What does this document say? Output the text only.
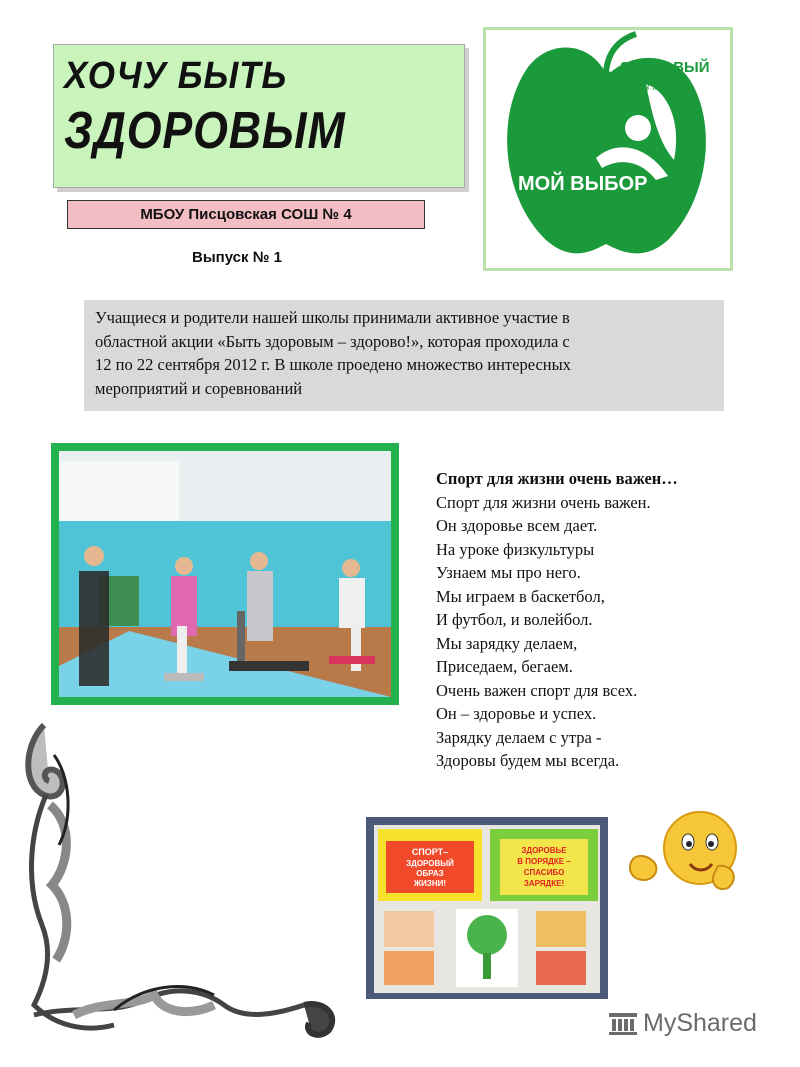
ХОЧУ БЫТЬ
ЗДОРОВЫМ
ЗДОРОВЫЙ
образ жизни
МОЙ ВЫБОР
МБОУ Писцовская СОШ № 4
Выпуск № 1
Учащиеся и родители нашей школы принимали активное участие в
областной акции «Быть здоровым – здорово!», которая проходила с
12 по 22 сентября 2012 г. В школе проедено множество интересных
мероприятий и соревнований
Спорт для жизни очень важен…
Спорт для жизни очень важен.
Он здоровье всем дает.
На уроке физкультуры
Узнаем мы про него.
Мы играем в баскетбол,
И футбол, и волейбол.
Мы зарядку делаем,
Приседаем, бегаем.
Очень важен спорт для всех.
Он – здоровье и успех.
Зарядку делаем с утра -
Здоровы будем мы всегда.
СПОРТ–
ЗДОРОВЫЙ
ОБРАЗ
ЖИЗНИ!
ЗДОРОВЬЕ
В ПОРЯДКЕ –
СПАСИБО
ЗАРЯДКЕ!
MyShared
